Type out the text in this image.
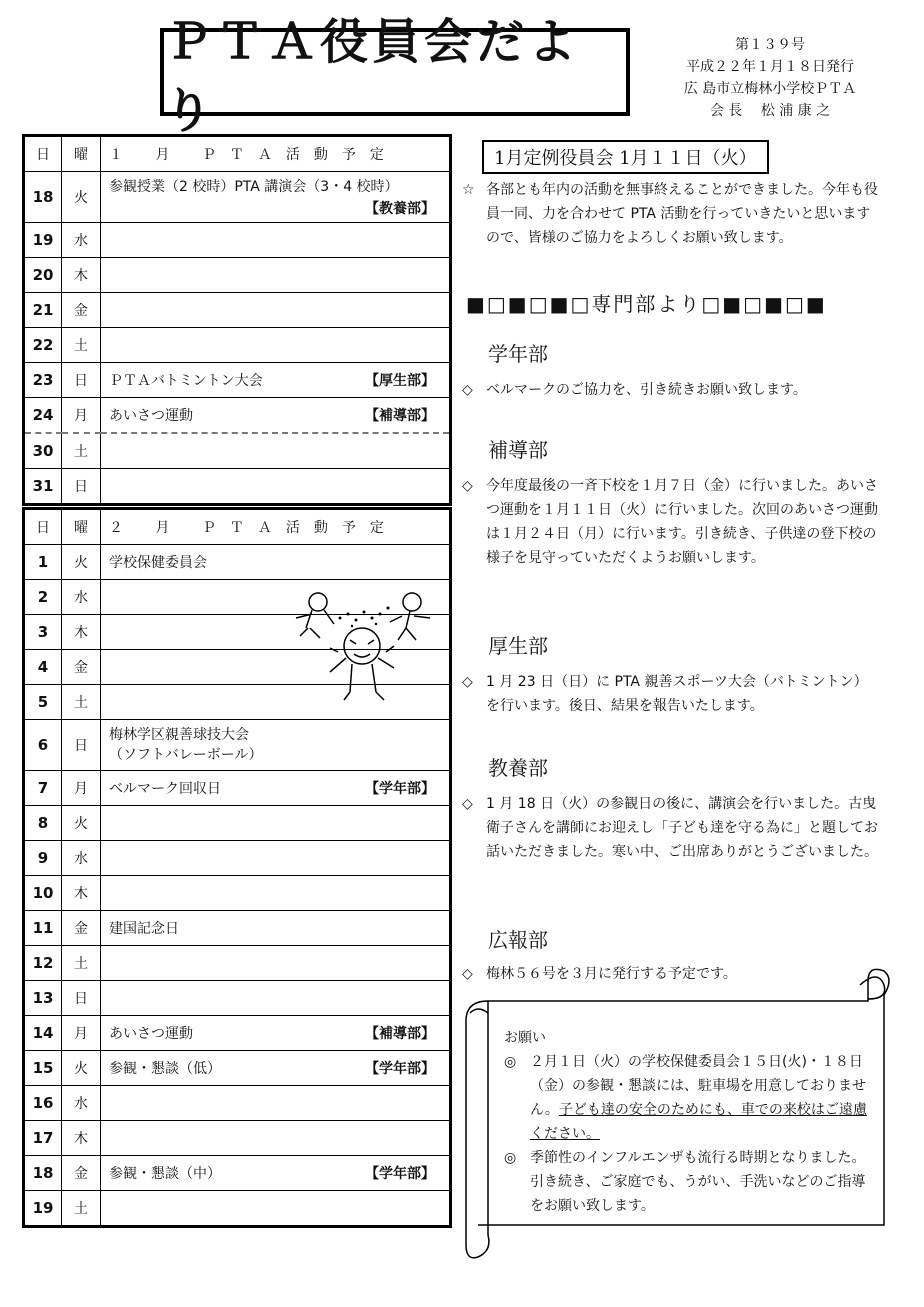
ＰＴＡ役員会だより
第１３９号
平成２２年１月１８日発行
広 島市立梅林小学校ＰＴＡ
会 長　 松 浦 康 之
日	曜	１ 月 ＰＴＡ活動予定
18	火	参観授業（2 校時）PTA 講演会（3・4 校時）
【教養部】

19	水	
20	木	
21	金	
22	土	
23	日	ＰＴＡバトミントン大会 【厚生部】

24	月	あいさつ運動 【補導部】

30	土	
31	日	
日	曜	２ 月 ＰＴＡ活動予定
1	火	学校保健委員会
2	水	
3	木	
4	金	
5	土	
6	日	梅林学区親善球技大会
（ソフトバレーボール）
7	月	ベルマーク回収日 【学年部】

8	火	
9	水	
10	木	
11	金	建国記念日
12	土	
13	日	
14	月	あいさつ運動 【補導部】

15	火	参観・懇談（低） 【学年部】

16	水	
17	木	
18	金	参観・懇談（中） 【学年部】

19	土	
1月定例役員会 1月１１日（火）
☆ 各部とも年内の活動を無事終えることができました。今年も役員一同、力を合わせて PTA 活動を行っていきたいと思いますので、皆様のご協力をよろしくお願い致します。
■□■□■□専門部より□■□■□■
学年部
◇ ベルマークのご協力を、引き続きお願い致します。
補導部
◇ 今年度最後の一斉下校を１月７日（金）に行いました。あいさつ運動を１月１１日（火）に行いました。次回のあいさつ運動は１月２４日（月）に行います。引き続き、子供達の登下校の様子を見守っていただくようお願いします。
厚生部
◇ 1 月 23 日（日）に PTA 親善スポーツ大会（バトミントン）を行います。後日、結果を報告いたします。
教養部
◇ 1 月 18 日（火）の参観日の後に、講演会を行いました。古曳衛子さんを講師にお迎えし「子ども達を守る為に」と題してお話いただきました。寒い中、ご出席ありがとうございました。
広報部
◇ 梅林５６号を３月に発行する予定です。
お願い
◎ ２月１日（火）の学校保健委員会１５日(火)・１８日（金）の参観・懇談には、駐車場を用意しておりません。子ども達の安全のためにも、車での来校はご遠慮ください。
◎ 季節性のインフルエンザも流行る時期となりました。引き続き、ご家庭でも、うがい、手洗いなどのご指導をお願い致します。
